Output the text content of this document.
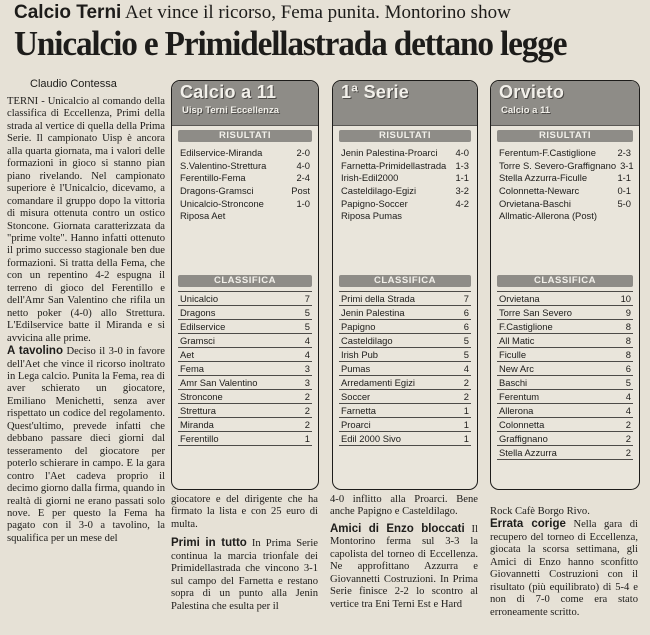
Calcio Terni Aet vince il ricorso, Fema punita. Montorino show
Unicalcio e Primidellastrada dettano legge
Claudio Contessa

TERNI - Unicalcio al comando della classifica di Eccellenza, Primi della strada al vertice di quella della Prima Serie. Il campionato Uisp è ancora alla quarta giornata, ma i valori delle formazioni in gioco si stanno pian piano rivelando. Nel campionato superiore è l'Unicalcio, dicevamo, a comandare il gruppo dopo la vittoria di misura ottenuta contro un ostico Stoncone. Giornata caratterizzata da "prime volte". Hanno infatti ottenuto il primo successo stagionale ben due formazioni. Si tratta della Fema, che con un repentino 4-2 espugna il terreno di gioco del Ferentillo e dell'Amr San Valentino che rifila un netto poker (4-0) allo Strettura. L'Edilservice batte il Miranda e si avvicina alle prime.

A tavolino Deciso il 3-0 in favore dell'Aet che vince il ricorso inoltrato in Lega calcio. Punita la Fema, rea di aver schierato un giocatore, Emiliano Menichetti, senza aver rispettato un codice del regolamento. Quest'ultimo, prevede infatti che debbano passare dieci giorni dal tesseramento del giocatore per poterlo schierare in campo. E la gara contro l'Aet cadeva proprio il decimo giorno dalla firma, quando in realtà di giorni ne erano passati solo nove. E per questo la Fema ha pagato con il 3-0 a tavolino, la squalifica per un mese del

Calcio a 11
Uisp Terni Eccellenza
RISULTATI
Edilservice-Miranda	2-0
S.Valentino-Strettura	4-0
Ferentillo-Fema	2-4
Dragons-Gramsci	Post
Unicalcio-Stroncone	1-0
Riposa Aet
CLASSIFICA
Unicalcio	7
Dragons	5
Edilservice	5
Gramsci	4
Aet	4
Fema	3
Amr San Valentino	3
Stroncone	2
Strettura	2
Miranda	2
Ferentillo	1
1ª Serie
RISULTATI
Jenin Palestina-Proarci 4-0
Farnetta-Primidellastrada 1-3
Irish-Edil2000	1-1
Casteldilago-Egizi	3-2
Papigno-Soccer	4-2
Riposa Pumas
CLASSIFICA
Primi della Strada	7
Jenin Palestina	6
Papigno	6
Casteldilago	5
Irish Pub	5
Pumas	4
Arredamenti Egizi	2
Soccer	2
Farnetta	1
Proarci	1
Edil 2000 Sivo	1
Orvieto
Calcio a 11
RISULTATI
Ferentum-F.Castiglione 2-3
Torre S. Severo-Graffignano 3-1
Stella Azzurra-Ficulle	1-1
Colonnetta-Newarc	0-1
Orvietana-Baschi	5-0
Allmatic-Allerona (Post)
CLASSIFICA
Orvietana	10
Torre San Severo	9
F.Castiglione	8
All Matic	8
Ficulle	8
New Arc	6
Baschi	5
Ferentum	4
Allerona	4
Colonnetta	2
Graffignano	2
Stella Azzurra	2

giocatore e del dirigente che ha firmato la lista e con 25 euro di multa.

Primi in tutto In Prima Serie continua la marcia trionfale dei Primidellastrada che vincono 3-1 sul campo del Farnetta e restano sopra di un punto alla Jenin Palestina che esulta per il

4-0 inflitto alla Proarci. Bene anche Papigno e Casteldilago.

Amici di Enzo bloccati Il Montorino ferma sul 3-3 la capolista del torneo di Eccellenza. Ne approfittano Azzurra e Giovannetti Costruzioni. In Prima Serie finisce 2-2 lo scontro al vertice tra Eni Terni Est e Hard

Rock Cafè Borgo Rivo.

Errata corige Nella gara di recupero del torneo di Eccellenza, giocata la scorsa settimana, gli Amici di Enzo hanno sconfitto Giovannetti Costruzioni con il risultato (più equilibrato) di 5-4 e non di 7-0 come era stato erroneamente scritto.
